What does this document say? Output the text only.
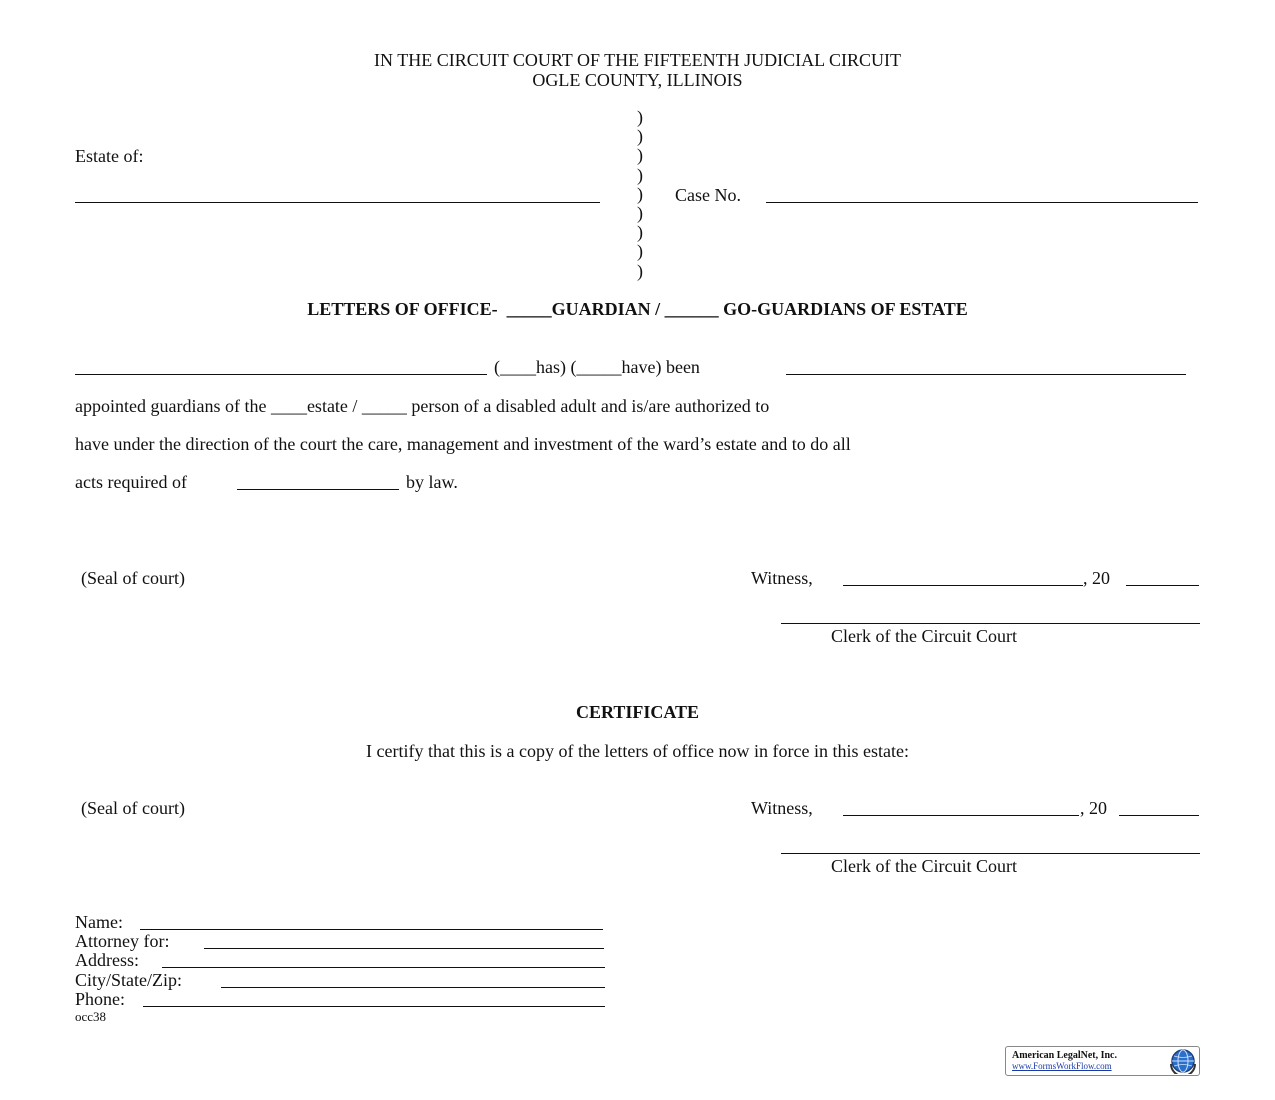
IN THE CIRCUIT COURT OF THE FIFTEENTH JUDICIAL CIRCUIT
OGLE COUNTY, ILLINOIS
Estate of:
)
)
)
)
)
)
)
)
)
Case No.
LETTERS OF OFFICE-  _____GUARDIAN / ______ GO-GUARDIANS OF ESTATE
(____has) (_____have) been
appointed guardians of the ____estate / _____ person of a disabled adult and is/are authorized to
have under the direction of the court the care, management and investment of the ward’s estate and to do all
acts required of	by law.
(Seal of court)	Witness,	, 20
Clerk of the Circuit Court
CERTIFICATE
I certify that this is a copy of the letters of office now in force in this estate:
(Seal of court)	Witness,	, 20
Clerk of the Circuit Court
Name:
Attorney for:
Address:
City/State/Zip:
Phone:
occ38
American LegalNet, Inc.
www.FormsWorkFlow.com
